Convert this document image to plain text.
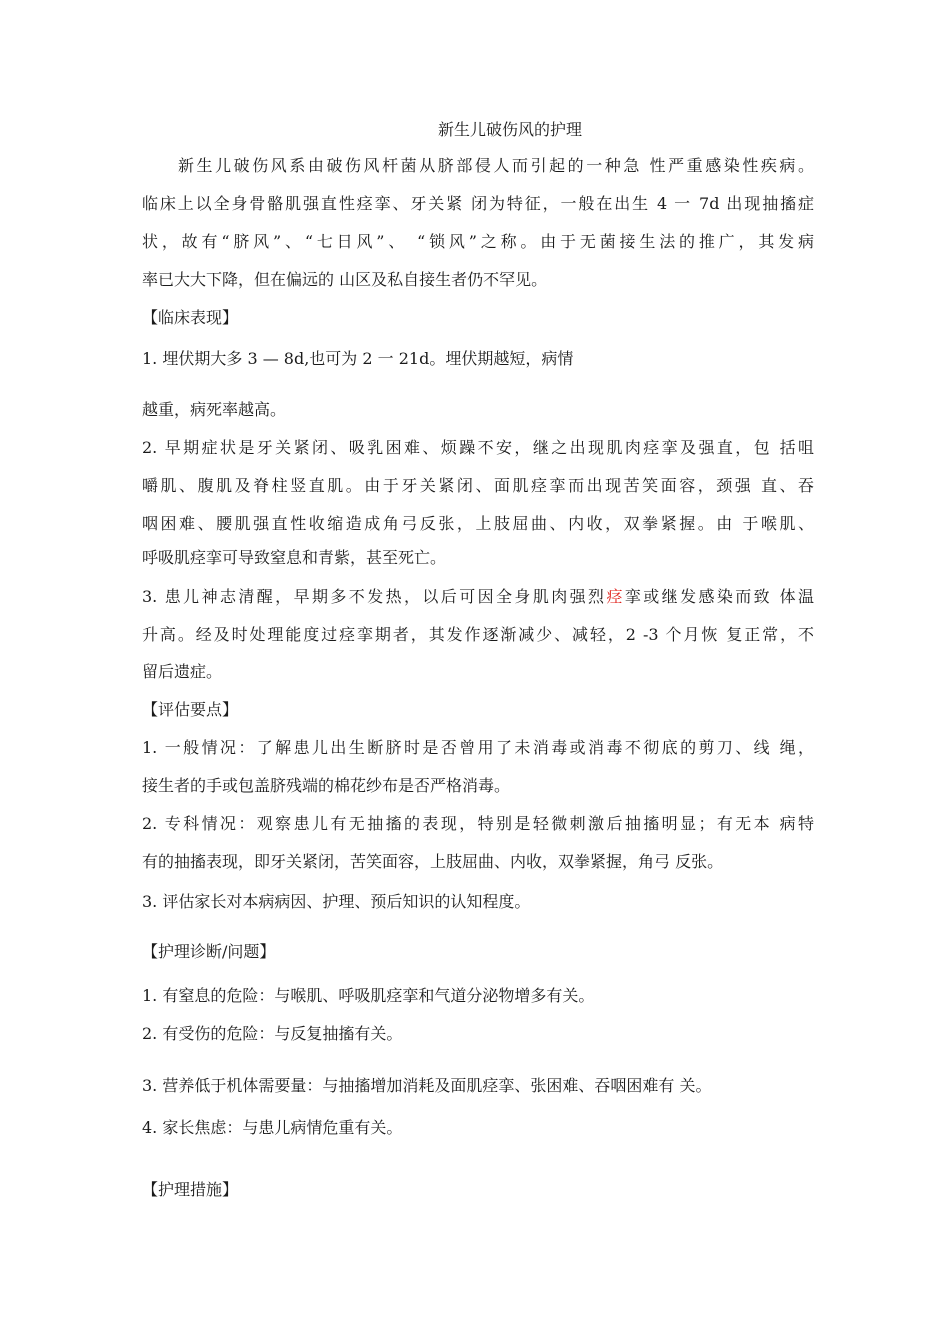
新生儿破伤风的护理
新生儿破伤风系由破伤风杆菌从脐部侵人而引起的一种急 性严重感染性疾病。
临床上以全身骨骼肌强直性痉挛、牙关紧 闭为特征，一般在出生 4 一 7d 出现抽搐症
状，故有“脐风”、“七日风”、 “锁风”之称。由于无菌接生法的推广，其发病
率已大大下降，但在偏远的 山区及私自接生者仍不罕见。
【临床表现】
1. 埋伏期大多 3 — 8d,也可为 2 一 21d。埋伏期越短，病情
越重，病死率越高。
2. 早期症状是牙关紧闭、吸乳困难、烦躁不安，继之出现肌肉痉挛及强直，包 括咀
嚼肌、腹肌及脊柱竖直肌。由于牙关紧闭、面肌痉挛而出现苦笑面容，颈强 直、吞
咽困难、腰肌强直性收缩造成角弓反张，上肢屈曲、内收，双拳紧握。由 于喉肌、
呼吸肌痉挛可导致窒息和青紫，甚至死亡。
3. 患儿神志清醒，早期多不发热，以后可因全身肌肉强烈痉挛或继发感染而致 体温
升高。经及时处理能度过痉挛期者，其发作逐渐减少、减轻，2 -3 个月恢 复正常，不
留后遗症。
【评估要点】
1. 一般情况：了解患儿出生断脐时是否曾用了未消毒或消毒不彻底的剪刀、线 绳，
接生者的手或包盖脐残端的棉花纱布是否严格消毒。
2. 专科情况：观察患儿有无抽搐的表现，特别是轻微刺激后抽搐明显；有无本 病特
有的抽搐表现，即牙关紧闭，苦笑面容，上肢屈曲、内收，双拳紧握，角弓 反张。
3. 评估家长对本病病因、护理、预后知识的认知程度。
【护理诊断/问题】
1. 有窒息的危险：与喉肌、呼吸肌痉挛和气道分泌物增多有关。
2. 有受伤的危险：与反复抽搐有关。
3. 营养低于机体需要量：与抽搐增加消耗及面肌痉挛、张困难、吞咽困难有 关。
4. 家长焦虑：与患儿病情危重有关。
【护理措施】
